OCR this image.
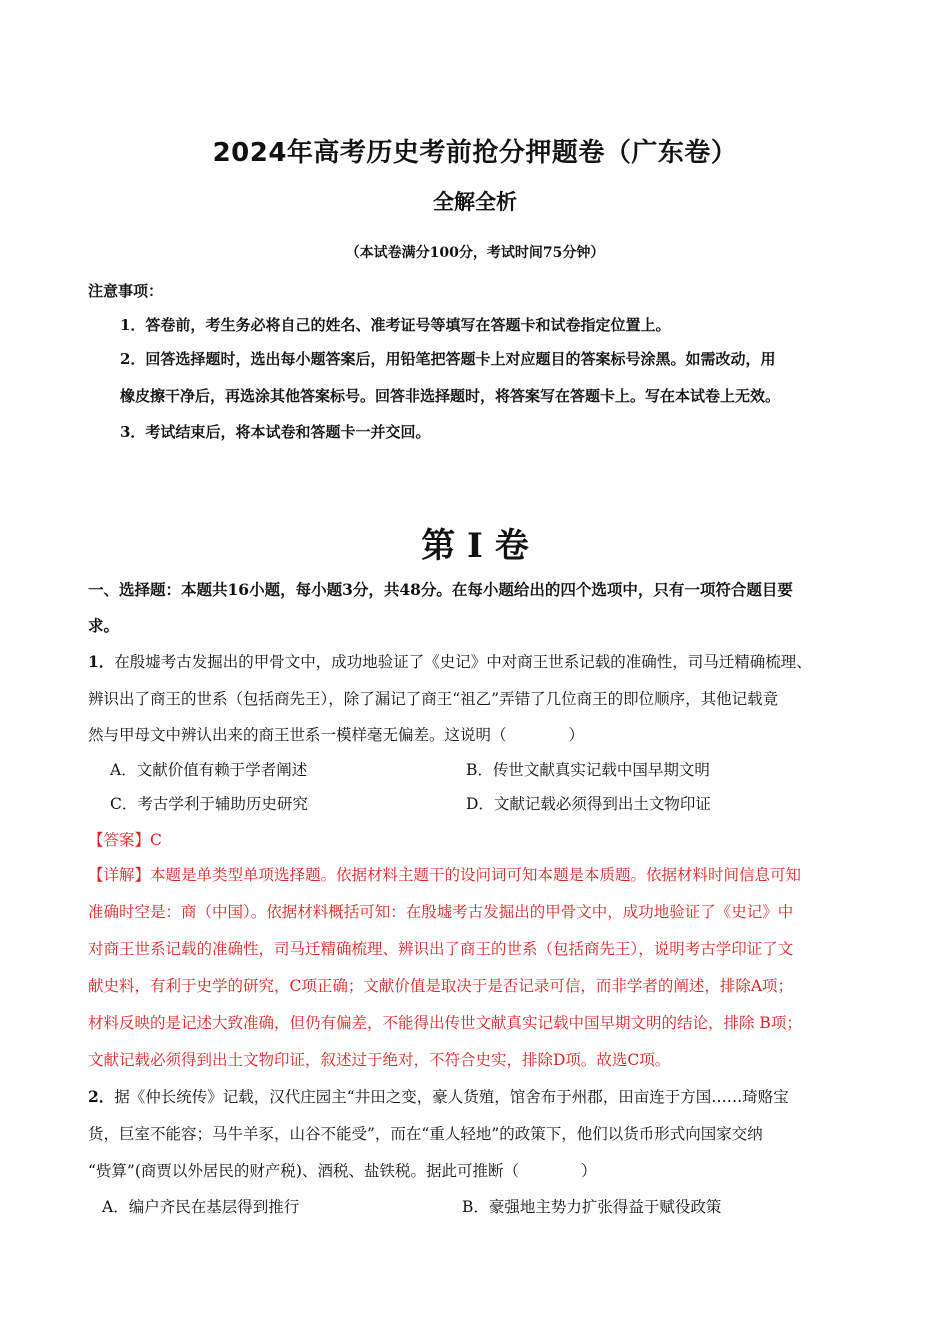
2024年高考历史考前抢分押题卷（广东卷）
全解全析
（本试卷满分100分，考试时间75分钟）
注意事项：
1．答卷前，考生务必将自己的姓名、准考证号等填写在答题卡和试卷指定位置上。
2．回答选择题时，选出每小题答案后，用铅笔把答题卡上对应题目的答案标号涂黑。如需改动，用
橡皮擦干净后，再选涂其他答案标号。回答非选择题时，将答案写在答题卡上。写在本试卷上无效。
3．考试结束后，将本试卷和答题卡一并交回。
第 I 卷
一、选择题：本题共16小题，每小题3分，共48分。在每小题给出的四个选项中，只有一项符合题目要
求。
1．在殷墟考古发掘出的甲骨文中，成功地验证了《史记》中对商王世系记载的准确性，司马迁精确梳理、
辨识出了商王的世系（包括商先王），除了漏记了商王“祖乙”弄错了几位商王的即位顺序，其他记载竟
然与甲母文中辨认出来的商王世系一模样毫无偏差。这说明（　　　　）
A．文献价值有赖于学者阐述	B．传世文献真实记载中国早期文明
C．考古学利于辅助历史研究	D．文献记载必须得到出土文物印证
【答案】C
【详解】本题是单类型单项选择题。依据材料主题干的设问词可知本题是本质题。依据材料时间信息可知
准确时空是：商（中国）。依据材料概括可知：在殷墟考古发掘出的甲骨文中，成功地验证了《史记》中
对商王世系记载的准确性，司马迁精确梳理、辨识出了商王的世系（包括商先王），说明考古学印证了文
献史料，有利于史学的研究，C项正确；文献价值是取决于是否记录可信，而非学者的阐述，排除A项；
材料反映的是记述大致准确，但仍有偏差，不能得出传世文献真实记载中国早期文明的结论，排除 B项；
文献记载必须得到出土文物印证，叙述过于绝对，不符合史实，排除D项。故选C项。
2．据《仲长统传》记载，汉代庄园主“井田之变，豪人货殖，馆舍布于州郡，田亩连于方国……琦赂宝
货，巨室不能容；马牛羊豕，山谷不能受”，而在“重人轻地”的政策下，他们以货币形式向国家交纳
“赀算”(商贾以外居民的财产税)、酒税、盐铁税。据此可推断（　　　　）
A．编户齐民在基层得到推行	B．豪强地主势力扩张得益于赋役政策
